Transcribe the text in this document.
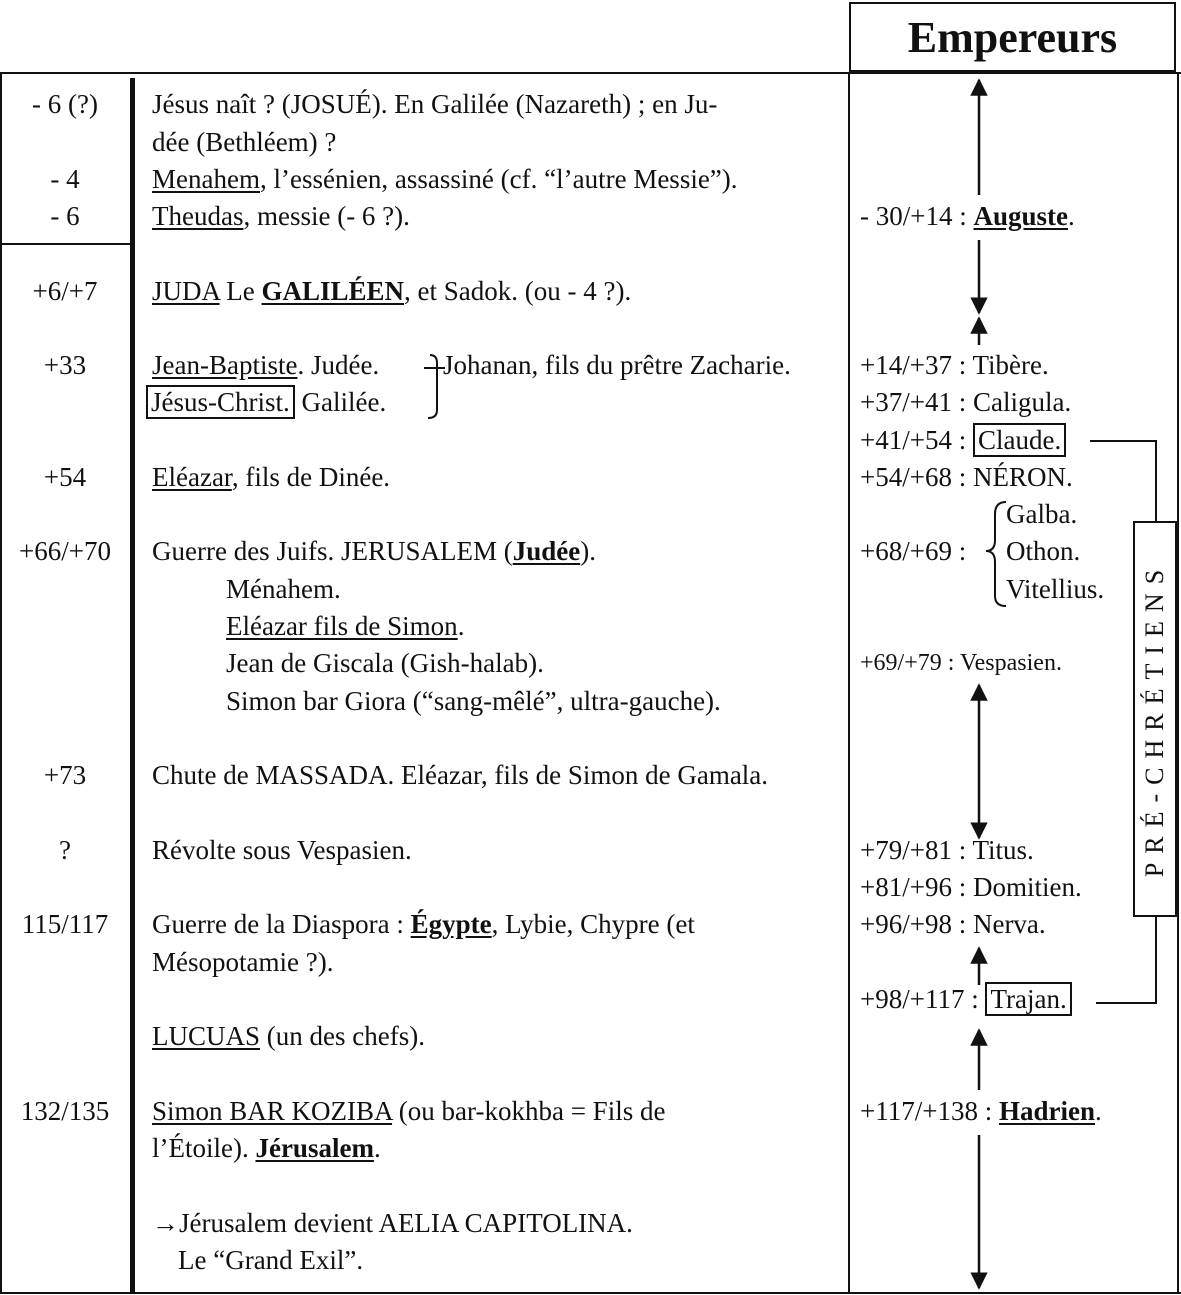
Empereurs
- 6 (?)
- 4
- 6
+6/+7
+33
+54
+66/+70
+73
?
115/117
132/135
Jésus naît ? (JOSUÉ). En Galilée (Nazareth) ; en Ju-
dée (Bethléem) ?
Menahem, l’essénien, assassiné (cf. “l’autre Messie”).
Theudas, messie (- 6 ?).
JUDA Le GALILÉEN, et Sadok. (ou - 4 ?).
Jean-Baptiste. Judée. Johanan, fils du prêtre Zacharie.
Jésus-Christ. Galilée.
Eléazar, fils de Dinée.
Guerre des Juifs. JERUSALEM (Judée).
Ménahem.
Eléazar fils de Simon.
Jean de Giscala (Gish-halab).
Simon bar Giora (“sang-mêlé”, ultra-gauche).
Chute de MASSADA. Eléazar, fils de Simon de Gamala.
Révolte sous Vespasien.
Guerre de la Diaspora : Égypte, Lybie, Chypre (et
Mésopotamie ?).
LUCUAS (un des chefs).
Simon BAR KOZIBA (ou bar-kokhba = Fils de
l’Étoile). Jérusalem.
→Jérusalem devient AELIA CAPITOLINA.
Le “Grand Exil”.
- 30/+14 : Auguste.
+14/+37 : Tibère.
+37/+41 : Caligula.
+41/+54 : Claude.
+54/+68 : NÉRON.
Galba.
+68/+69 : Othon.
Vitellius.
+69/+79 : Vespasien.
+79/+81 : Titus.
+81/+96 : Domitien.
+96/+98 : Nerva.
+98/+117 : Trajan.
+117/+138 : Hadrien.
PRÉ-CHRÉTIENS
